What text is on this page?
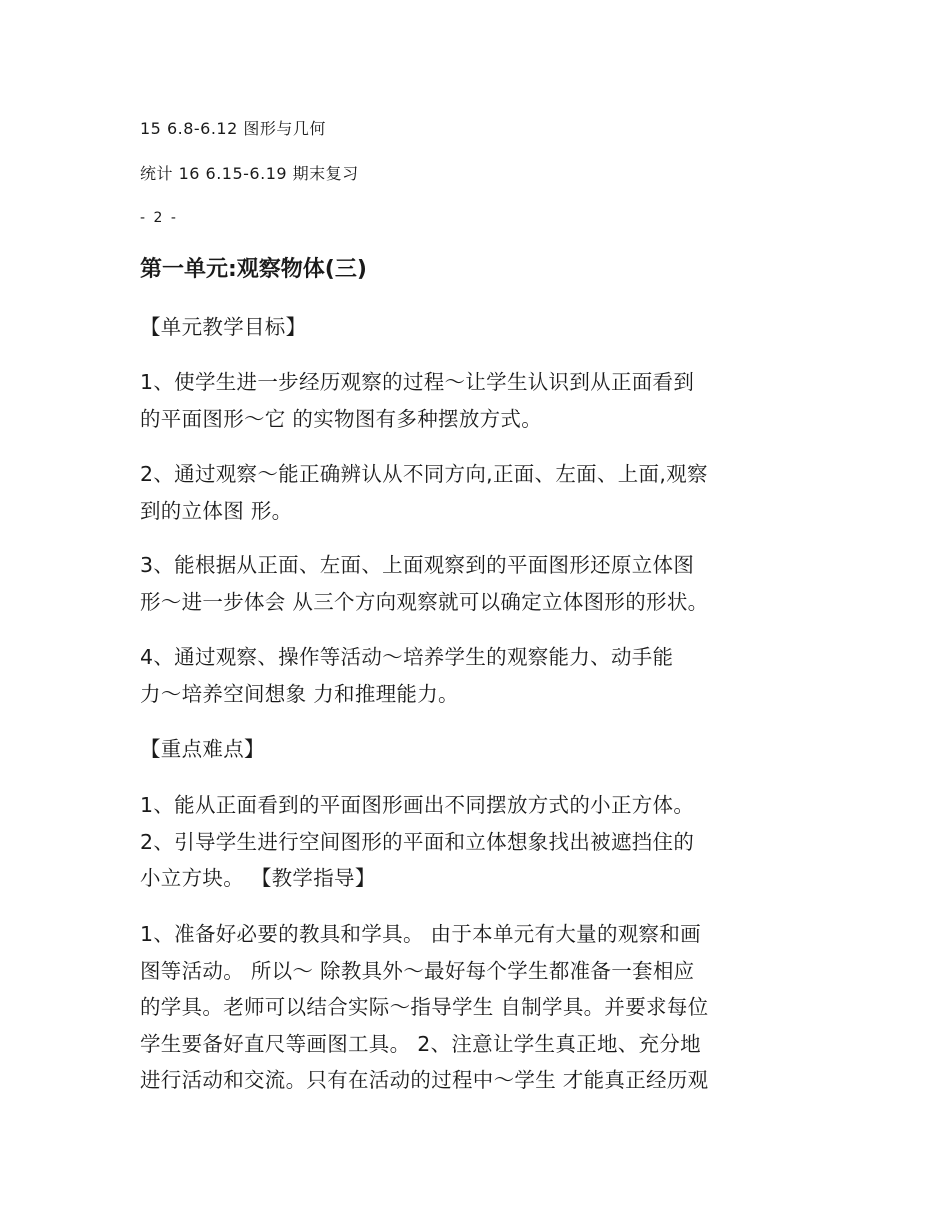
15 6.8-6.12 图形与几何
统计 16 6.15-6.19 期末复习
- 2 -
第一单元:观察物体(三)
【单元教学目标】
1、使学生进一步经历观察的过程～让学生认识到从正面看到
的平面图形～它 的实物图有多种摆放方式。
2、通过观察～能正确辨认从不同方向,正面、左面、上面,观察
到的立体图 形。
3、能根据从正面、左面、上面观察到的平面图形还原立体图
形～进一步体会 从三个方向观察就可以确定立体图形的形状。
4、通过观察、操作等活动～培养学生的观察能力、动手能
力～培养空间想象 力和推理能力。
【重点难点】
1、能从正面看到的平面图形画出不同摆放方式的小正方体。
2、引导学生进行空间图形的平面和立体想象找出被遮挡住的
小立方块。 【教学指导】
1、准备好必要的教具和学具。 由于本单元有大量的观察和画
图等活动。 所以～ 除教具外～最好每个学生都准备一套相应
的学具。老师可以结合实际～指导学生 自制学具。并要求每位
学生要备好直尺等画图工具。 2、注意让学生真正地、充分地
进行活动和交流。只有在活动的过程中～学生 才能真正经历观
